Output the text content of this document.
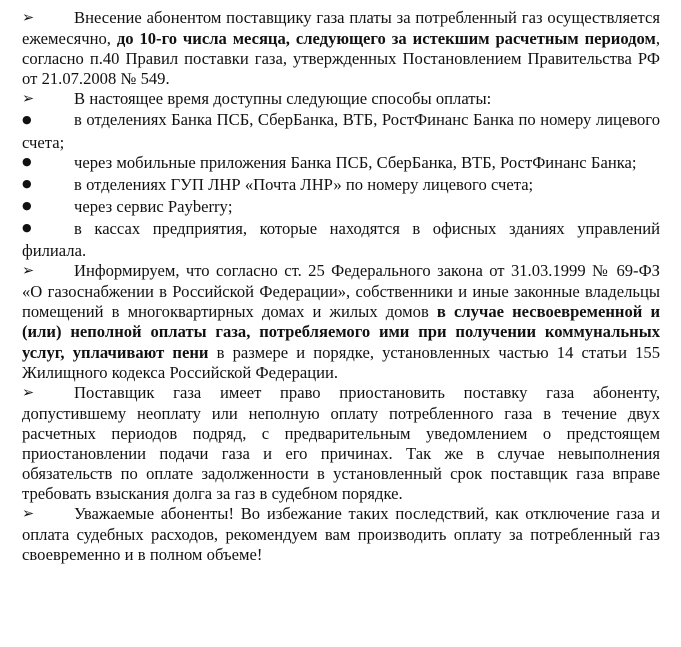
➢ Внесение абонентом поставщику газа платы за потребленный газ осуществляется ежемесячно, до 10-го числа месяца, следующего за истекшим расчетным периодом, согласно п.40 Правил поставки газа, утвержденных Постановлением Правительства РФ от 21.07.2008 № 549.

➢ В настоящее время доступны следующие способы оплаты:

●	в отделениях Банка ПСБ, СберБанка, ВТБ, РостФинанс Банка по номеру лицевого счета;

●	через мобильные приложения Банка ПСБ, СберБанка, ВТБ, РостФинанс Банка;

●	в отделениях ГУП ЛНР «Почта ЛНР» по номеру лицевого счета;

●	через сервис Payberry;

●	в кассах предприятия, которые находятся в офисных зданиях управлений филиала.

➢ Информируем, что согласно ст. 25 Федерального закона от 31.03.1999 № 69-ФЗ «О газоснабжении в Российской Федерации», собственники и иные законные владельцы помещений в многоквартирных домах и жилых домов в случае несвоевременной и (или) неполной оплаты газа, потребляемого ими при получении коммунальных услуг, уплачивают пени в размере и порядке, установленных частью 14 статьи 155 Жилищного кодекса Российской Федерации.

➢ Поставщик газа имеет право приостановить поставку газа абоненту, допустившему неоплату или неполную оплату потребленного газа в течение двух расчетных периодов подряд, с предварительным уведомлением о предстоящем приостановлении подачи газа и его причинах. Так же в случае невыполнения обязательств по оплате задолженности в установленный срок поставщик газа вправе требовать взыскания долга за газ в судебном порядке.

➢ Уважаемые абоненты! Во избежание таких последствий, как отключение газа и оплата судебных расходов, рекомендуем вам производить оплату за потребленный газ своевременно и в полном объеме!
